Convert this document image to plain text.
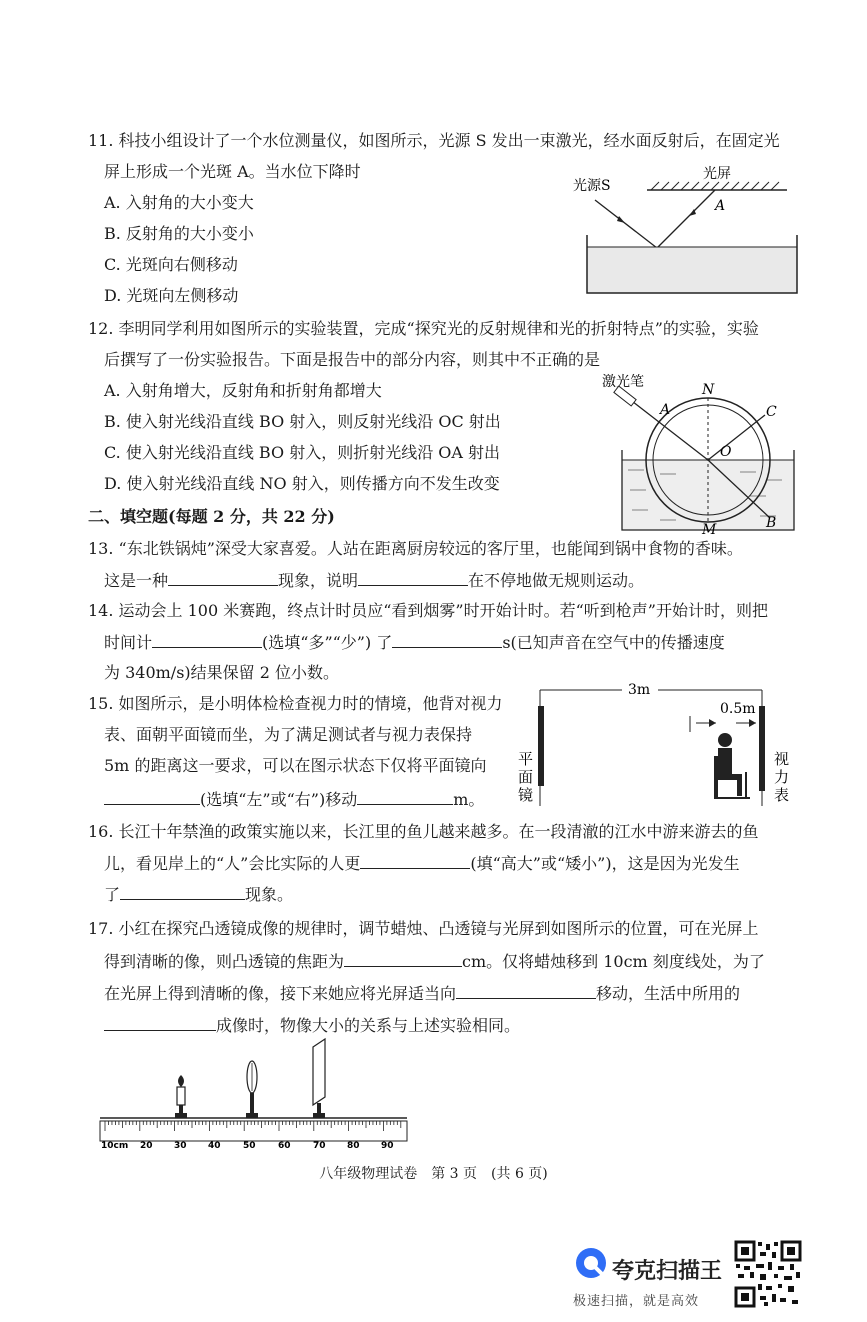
11. 科技小组设计了一个水位测量仪，如图所示，光源 S 发出一束激光，经水面反射后，在固定光
屏上形成一个光斑 A。当水位下降时
A. 入射角的大小变大
B. 反射角的大小变小
C. 光斑向右侧移动
D. 光斑向左侧移动
光源S
光屏
A
12. 李明同学利用如图所示的实验装置，完成“探究光的反射规律和光的折射特点”的实验，实验
后撰写了一份实验报告。下面是报告中的部分内容，则其中不正确的是
A. 入射角增大，反射角和折射角都增大
B. 使入射光线沿直线 BO 射入，则反射光线沿 OC 射出
C. 使入射光线沿直线 BO 射入，则折射光线沿 OA 射出
D. 使入射光线沿直线 NO 射入，则传播方向不发生改变
激光笔
A
N
C
O
M	B
二、填空题(每题 2 分，共 22 分)
13. “东北铁锅炖”深受大家喜爱。人站在距离厨房较远的客厅里，也能闻到锅中食物的香味。
这是一种	现象，说明	在不停地做无规则运动。
14. 运动会上 100 米赛跑，终点计时员应“看到烟雾”时开始计时。若“听到枪声”开始计时，则把
时间计	(选填“多”“少”) 了	s(已知声音在空气中的传播速度
为 340m/s)结果保留 2 位小数。
15. 如图所示，是小明体检检查视力时的情境，他背对视力
表、面朝平面镜而坐，为了满足测试者与视力表保持
5m 的距离这一要求，可以在图示状态下仅将平面镜向
(选填“左”或“右”)移动	m。
3m
0.5m
平
面
镜
视
力
表
16. 长江十年禁渔的政策实施以来，长江里的鱼儿越来越多。在一段清澈的江水中游来游去的鱼
儿，看见岸上的“人”会比实际的人更	(填“高大”或“矮小”)，这是因为光发生
了	现象。
17. 小红在探究凸透镜成像的规律时，调节蜡烛、凸透镜与光屏到如图所示的位置，可在光屏上
得到清晰的像，则凸透镜的焦距为	cm。仅将蜡烛移到 10cm 刻度线处，为了
在光屏上得到清晰的像，接下来她应将光屏适当向	移动，生活中所用的
成像时，物像大小的关系与上述实验相同。
10cm 20 30 40 50 60 70 80 90
八年级物理试卷　第 3 页　(共 6 页)
夸克扫描王
极速扫描，就是高效
